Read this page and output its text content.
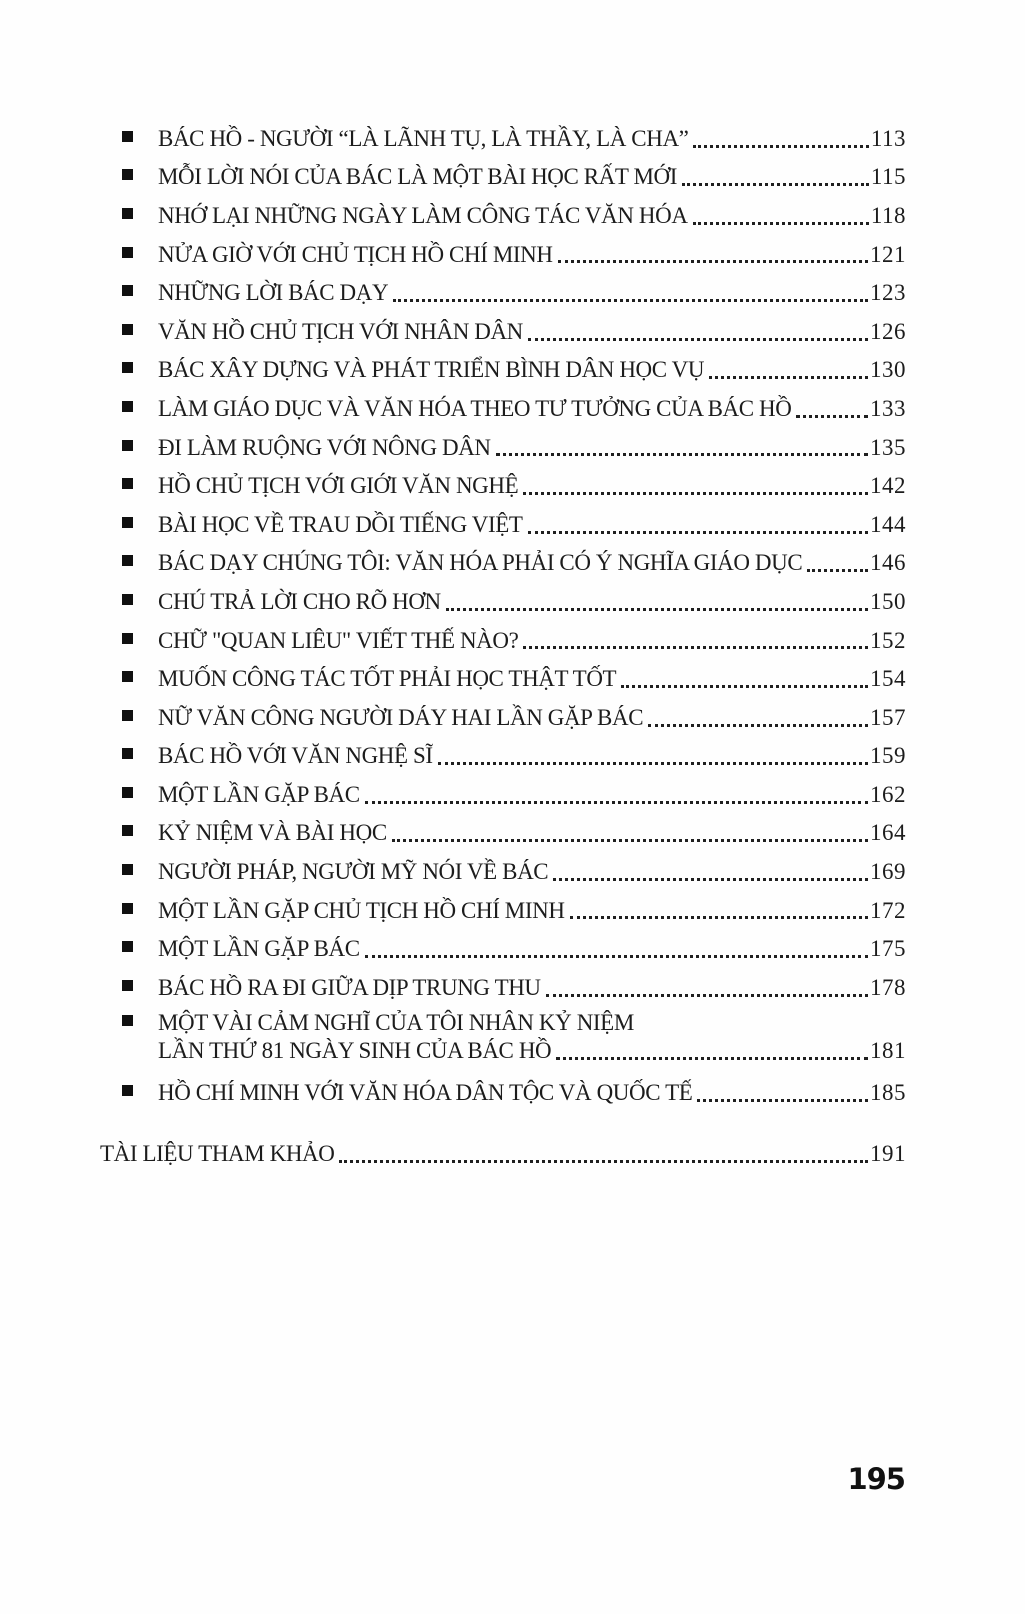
BÁC HỒ - NGƯỜI “LÀ LÃNH TỤ, LÀ THẦY, LÀ CHA”	113
MỖI LỜI NÓI CỦA BÁC LÀ MỘT BÀI HỌC RẤT MỚI	115
NHỚ LẠI NHỮNG NGÀY LÀM CÔNG TÁC VĂN HÓA	118
NỬA GIỜ VỚI CHỦ TỊCH HỒ CHÍ MINH	121
NHỮNG LỜI BÁC DẠY	123
VĂN HỒ CHỦ TỊCH VỚI NHÂN DÂN	126
BÁC XÂY DỰNG VÀ PHÁT TRIỂN BÌNH DÂN HỌC VỤ	130
LÀM GIÁO DỤC VÀ VĂN HÓA THEO TƯ TƯỞNG CỦA BÁC HỒ	133
ĐI LÀM RUỘNG VỚI NÔNG DÂN	135
HỒ CHỦ TỊCH VỚI GIỚI VĂN NGHỆ	142
BÀI HỌC VỀ TRAU DỒI TIẾNG VIỆT	144
BÁC DẠY CHÚNG TÔI: VĂN HÓA PHẢI CÓ Ý NGHĨA GIÁO DỤC	146
CHÚ TRẢ LỜI CHO RÕ HƠN	150
CHỮ "QUAN LIÊU" VIẾT THẾ NÀO?	152
MUỐN CÔNG TÁC TỐT PHẢI HỌC THẬT TỐT	154
NỮ VĂN CÔNG NGƯỜI DÁY HAI LẦN GẶP BÁC	157
BÁC HỒ VỚI VĂN NGHỆ SĨ	159
MỘT LẦN GẶP BÁC	162
KỶ NIỆM VÀ BÀI HỌC	164
NGƯỜI PHÁP, NGƯỜI MỸ NÓI VỀ BÁC	169
MỘT LẦN GẶP CHỦ TỊCH HỒ CHÍ MINH	172
MỘT LẦN GẶP BÁC	175
BÁC HỒ RA ĐI GIỮA DỊP TRUNG THU	178
MỘT VÀI CẢM NGHĨ CỦA TÔI NHÂN KỶ NIỆM
LẦN THỨ 81 NGÀY SINH CỦA BÁC HỒ	181
HỒ CHÍ MINH VỚI VĂN HÓA DÂN TỘC VÀ QUỐC TẾ	185
TÀI LIỆU THAM KHẢO	191
195
